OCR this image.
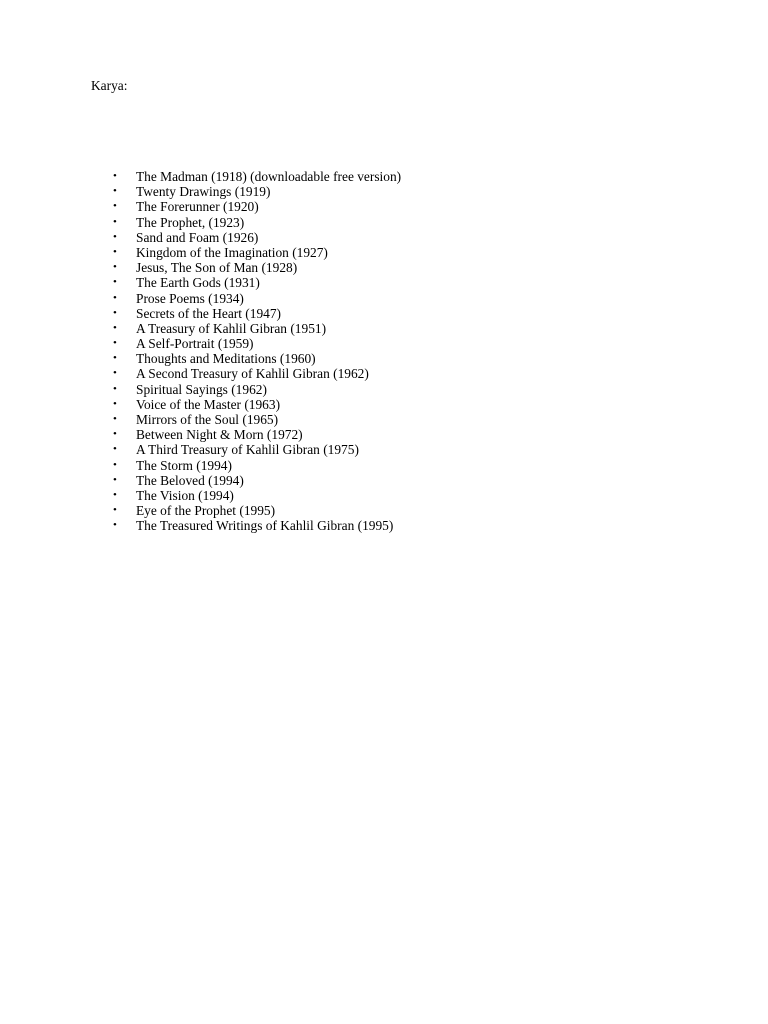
Karya:

• The Madman (1918) (downloadable free version)
• Twenty Drawings (1919)
• The Forerunner (1920)
• The Prophet, (1923)
• Sand and Foam (1926)
• Kingdom of the Imagination (1927)
• Jesus, The Son of Man (1928)
• The Earth Gods (1931)
• Prose Poems (1934)
• Secrets of the Heart (1947)
• A Treasury of Kahlil Gibran (1951)
• A Self-Portrait (1959)
• Thoughts and Meditations (1960)
• A Second Treasury of Kahlil Gibran (1962)
• Spiritual Sayings (1962)
• Voice of the Master (1963)
• Mirrors of the Soul (1965)
• Between Night & Morn (1972)
• A Third Treasury of Kahlil Gibran (1975)
• The Storm (1994)
• The Beloved (1994)
• The Vision (1994)
• Eye of the Prophet (1995)
• The Treasured Writings of Kahlil Gibran (1995)
